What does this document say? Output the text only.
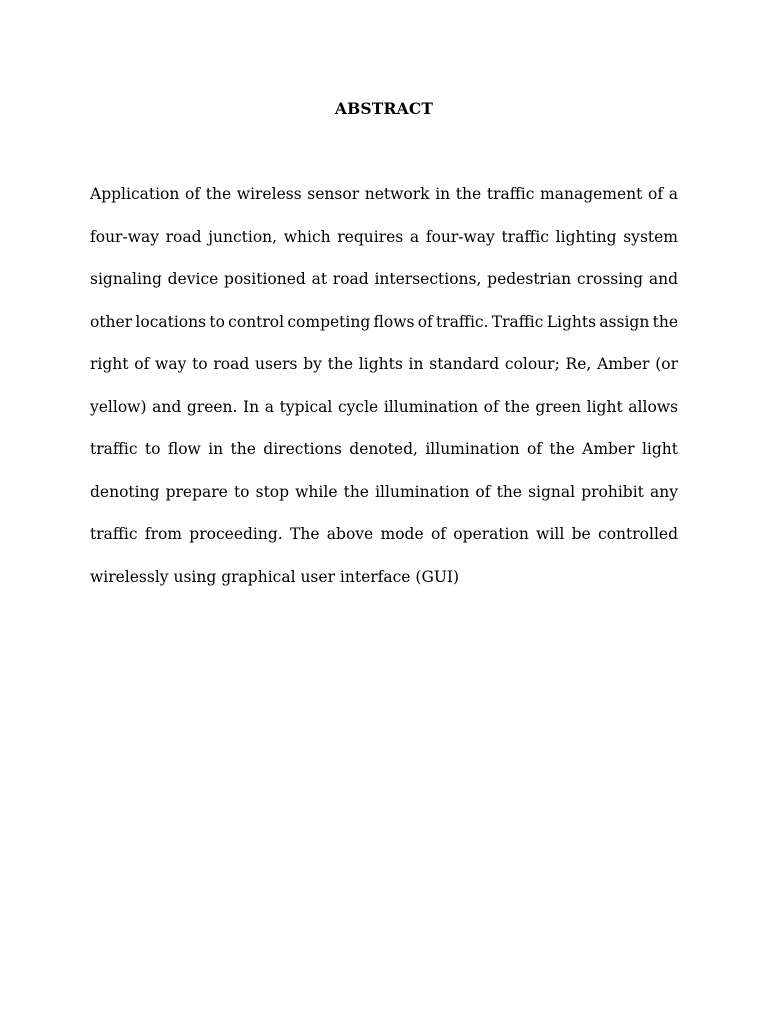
ABSTRACT
Application of the wireless sensor network in the traffic management of a
four-way road junction, which requires a four-way traffic lighting system
signaling device positioned at road intersections, pedestrian crossing and
other locations to control competing flows of traffic. Traffic Lights assign the
right of way to road users by the lights in standard colour; Re, Amber (or
yellow) and green. In a typical cycle illumination of the green light allows
traffic to flow in the directions denoted, illumination of the Amber light
denoting prepare to stop while the illumination of the signal prohibit any
traffic from proceeding. The above mode of operation will be controlled
wirelessly using graphical user interface (GUI)
